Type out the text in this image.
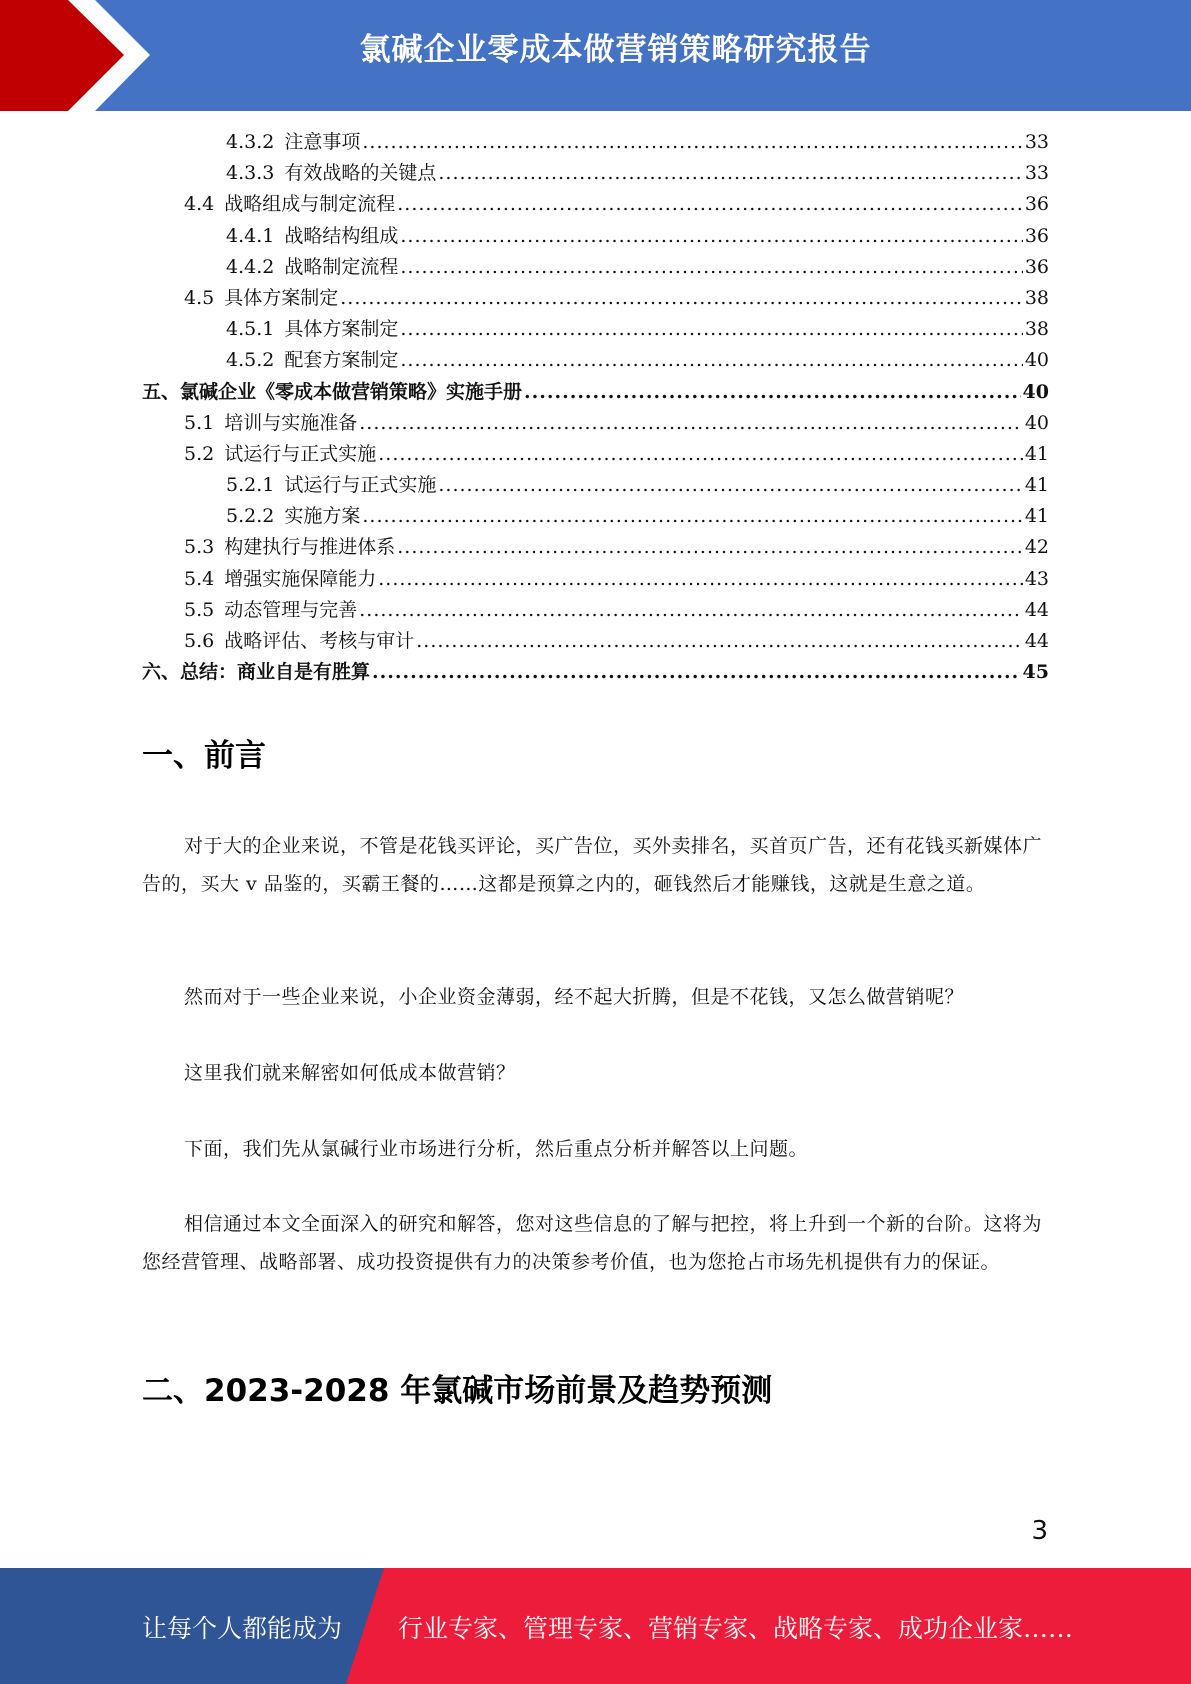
氯碱企业零成本做营销策略研究报告
4.3.2 注意事项 .....	33
4.3.3 有效战略的关键点 .....	33
4.4 战略组成与制定流程 .....	36
4.4.1 战略结构组成 .....	36
4.4.2 战略制定流程 .....	36
4.5 具体方案制定 .....	38
4.5.1 具体方案制定 .....	38
4.5.2 配套方案制定 .....	40
五、氯碱企业《零成本做营销策略》实施手册 .....	40
5.1 培训与实施准备 .....	40
5.2 试运行与正式实施 .....	41
5.2.1 试运行与正式实施 .....	41
5.2.2 实施方案 .....	41
5.3 构建执行与推进体系 .....	42
5.4 增强实施保障能力 .....	43
5.5 动态管理与完善 .....	44
5.6 战略评估、考核与审计 .....	44
六、总结：商业自是有胜算 .....	45
一、前言
对于大的企业来说，不管是花钱买评论，买广告位，买外卖排名，买首页广告，还有花钱买新媒体广告的，买大 v 品鉴的，买霸王餐的……这都是预算之内的，砸钱然后才能赚钱，这就是生意之道。
然而对于一些企业来说，小企业资金薄弱，经不起大折腾，但是不花钱，又怎么做营销呢？
这里我们就来解密如何低成本做营销？
下面，我们先从氯碱行业市场进行分析，然后重点分析并解答以上问题。
相信通过本文全面深入的研究和解答，您对这些信息的了解与把控，将上升到一个新的台阶。这将为您经营管理、战略部署、成功投资提供有力的决策参考价值，也为您抢占市场先机提供有力的保证。
二、2023-2028 年氯碱市场前景及趋势预测
3
让每个人都能成为 行业专家、管理专家、营销专家、战略专家、成功企业家……
